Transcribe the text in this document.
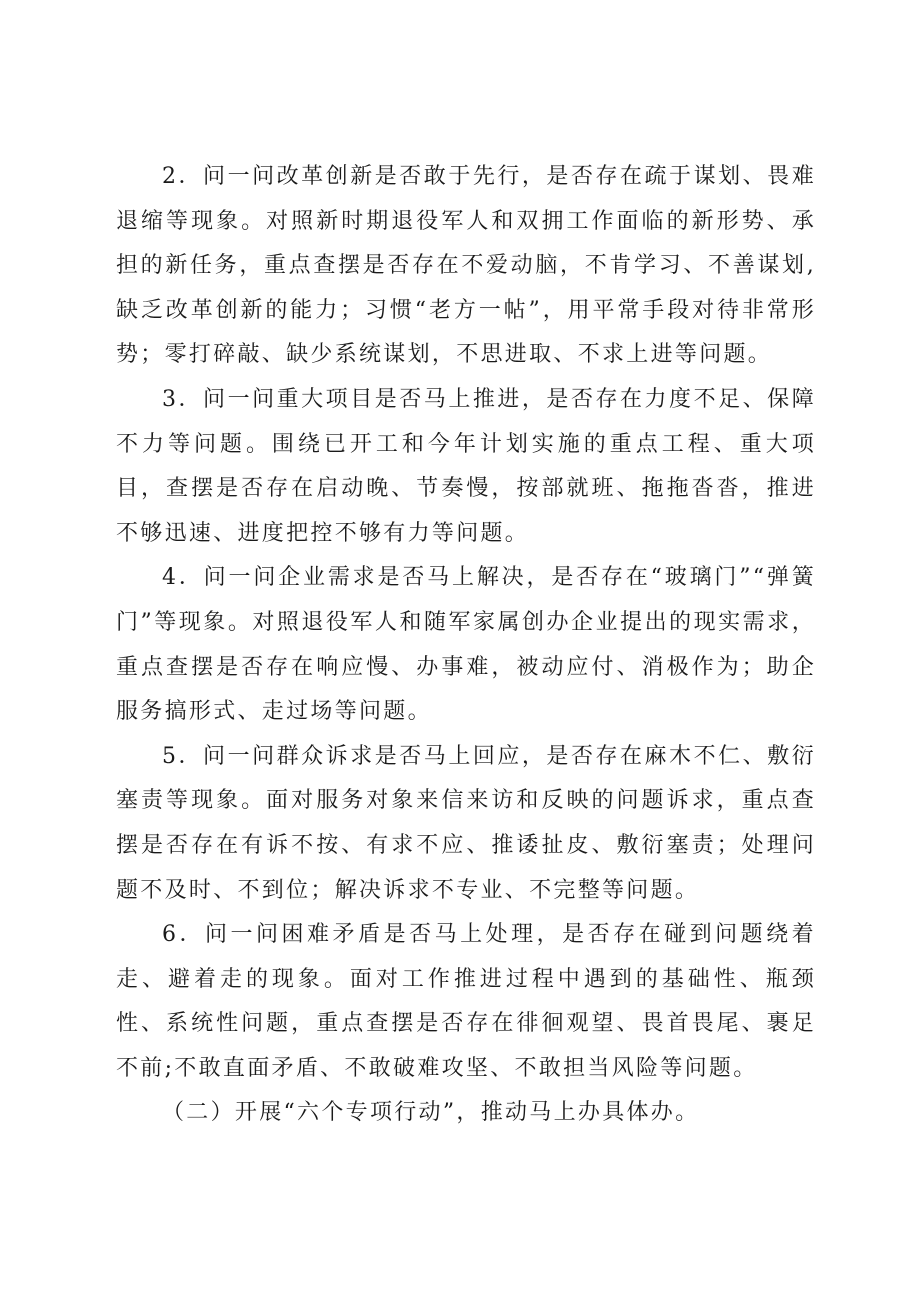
2．问一问改革创新是否敢于先行，是否存在疏于谋划、畏难退缩等现象。对照新时期退役军人和双拥工作面临的新形势、承担的新任务，重点查摆是否存在不爱动脑，不肯学习、不善谋划,缺乏改革创新的能力；习惯“老方一帖”，用平常手段对待非常形势；零打碎敲、缺少系统谋划，不思进取、不求上进等问题。

3．问一问重大项目是否马上推进，是否存在力度不足、保障不力等问题。围绕已开工和今年计划实施的重点工程、重大项目，查摆是否存在启动晚、节奏慢，按部就班、拖拖沓沓，推进不够迅速、进度把控不够有力等问题。

4．问一问企业需求是否马上解决，是否存在“玻璃门”“弹簧门”等现象。对照退役军人和随军家属创办企业提出的现实需求，重点查摆是否存在响应慢、办事难，被动应付、消极作为；助企服务搞形式、走过场等问题。

5．问一问群众诉求是否马上回应，是否存在麻木不仁、敷衍塞责等现象。面对服务对象来信来访和反映的问题诉求，重点查摆是否存在有诉不按、有求不应、推诿扯皮、敷衍塞责；处理问题不及时、不到位；解决诉求不专业、不完整等问题。

6．问一问困难矛盾是否马上处理，是否存在碰到问题绕着走、避着走的现象。面对工作推进过程中遇到的基础性、瓶颈性、系统性问题，重点查摆是否存在徘徊观望、畏首畏尾、裹足不前;不敢直面矛盾、不敢破难攻坚、不敢担当风险等问题。

（二）开展“六个专项行动”，推动马上办具体办。
